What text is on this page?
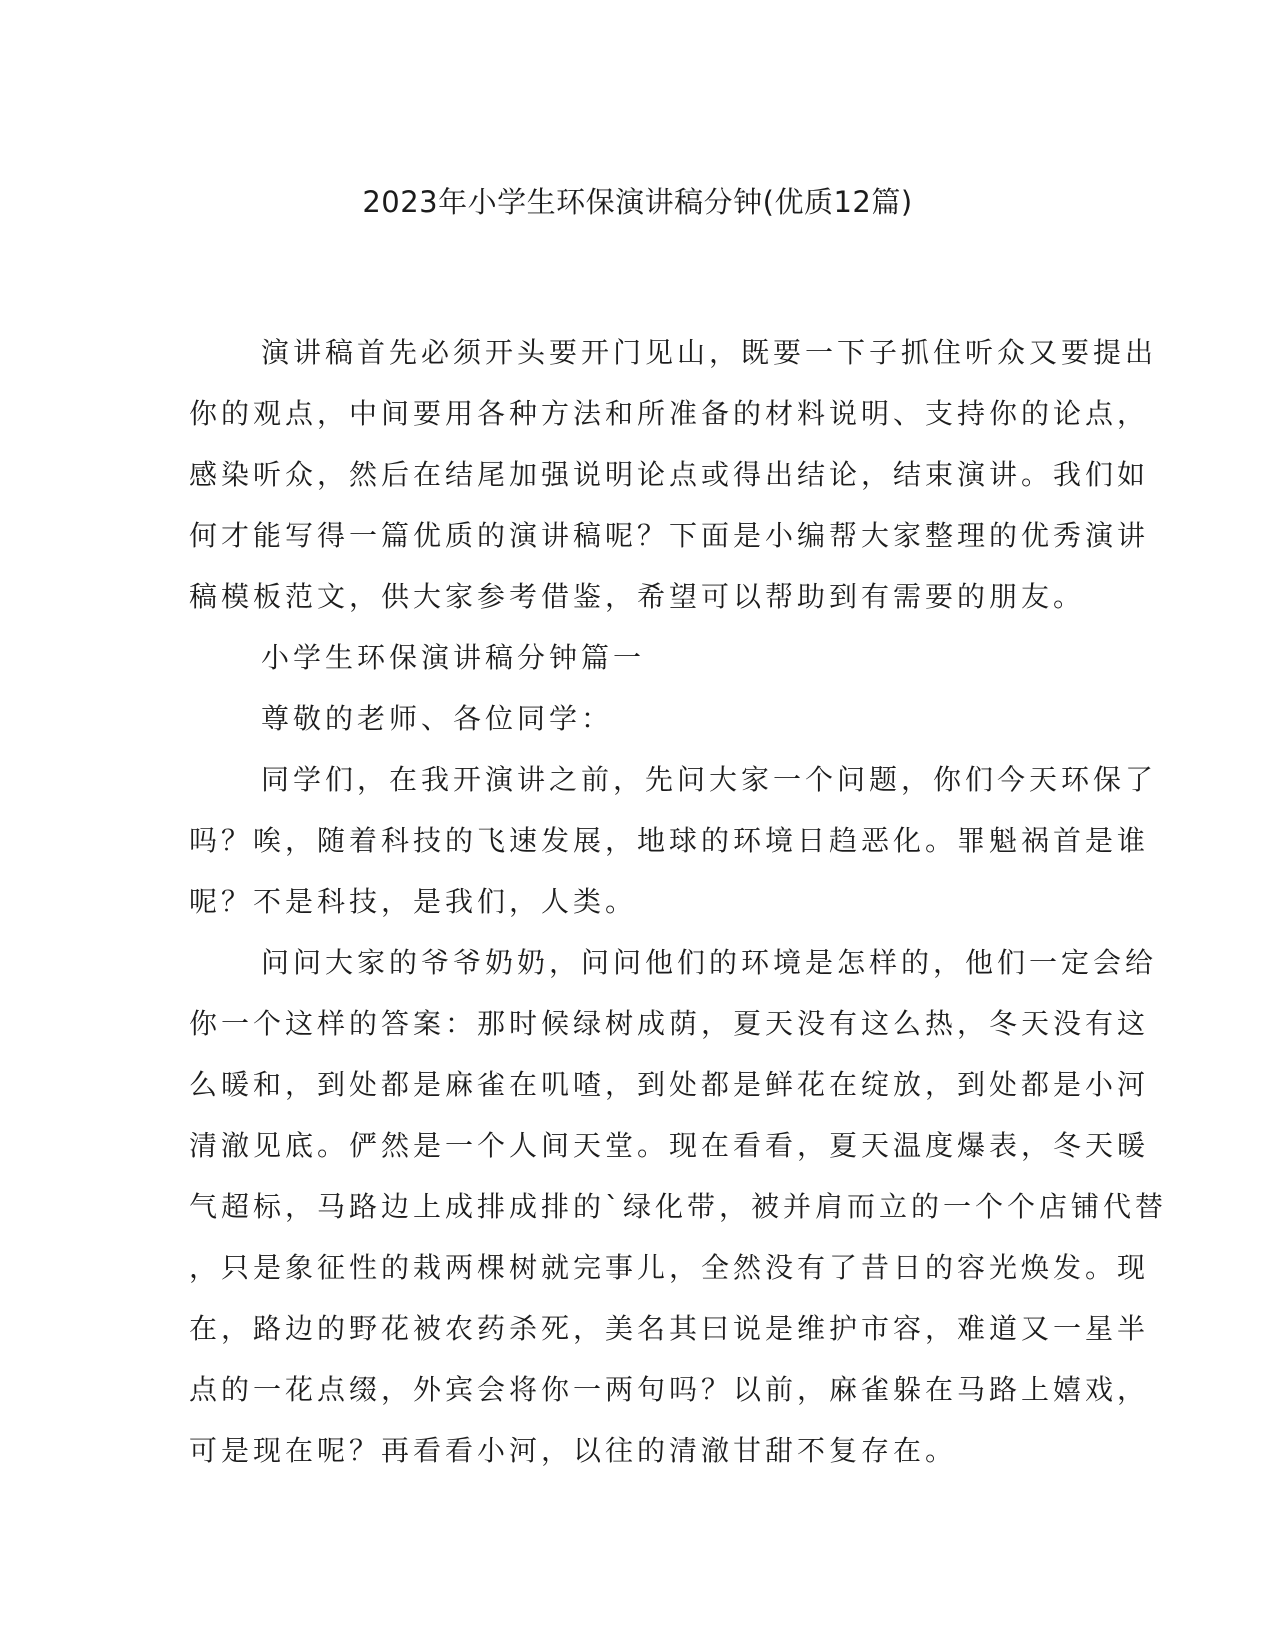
2023年小学生环保演讲稿分钟(优质12篇)
演讲稿首先必须开头要开门见山，既要一下子抓住听众又要提出
你的观点，中间要用各种方法和所准备的材料说明、支持你的论点，
感染听众，然后在结尾加强说明论点或得出结论，结束演讲。我们如
何才能写得一篇优质的演讲稿呢？下面是小编帮大家整理的优秀演讲
稿模板范文，供大家参考借鉴，希望可以帮助到有需要的朋友。
小学生环保演讲稿分钟篇一
尊敬的老师、各位同学：
同学们，在我开演讲之前，先问大家一个问题，你们今天环保了
吗？唉，随着科技的飞速发展，地球的环境日趋恶化。罪魁祸首是谁
呢？不是科技，是我们，人类。
问问大家的爷爷奶奶，问问他们的环境是怎样的，他们一定会给
你一个这样的答案：那时候绿树成荫，夏天没有这么热，冬天没有这
么暖和，到处都是麻雀在叽喳，到处都是鲜花在绽放，到处都是小河
清澈见底。俨然是一个人间天堂。现在看看，夏天温度爆表，冬天暖
气超标，马路边上成排成排的`绿化带，被并肩而立的一个个店铺代替
，只是象征性的栽两棵树就完事儿，全然没有了昔日的容光焕发。现
在，路边的野花被农药杀死，美名其曰说是维护市容，难道又一星半
点的一花点缀，外宾会将你一两句吗？以前，麻雀躲在马路上嬉戏，
可是现在呢？再看看小河，以往的清澈甘甜不复存在。
